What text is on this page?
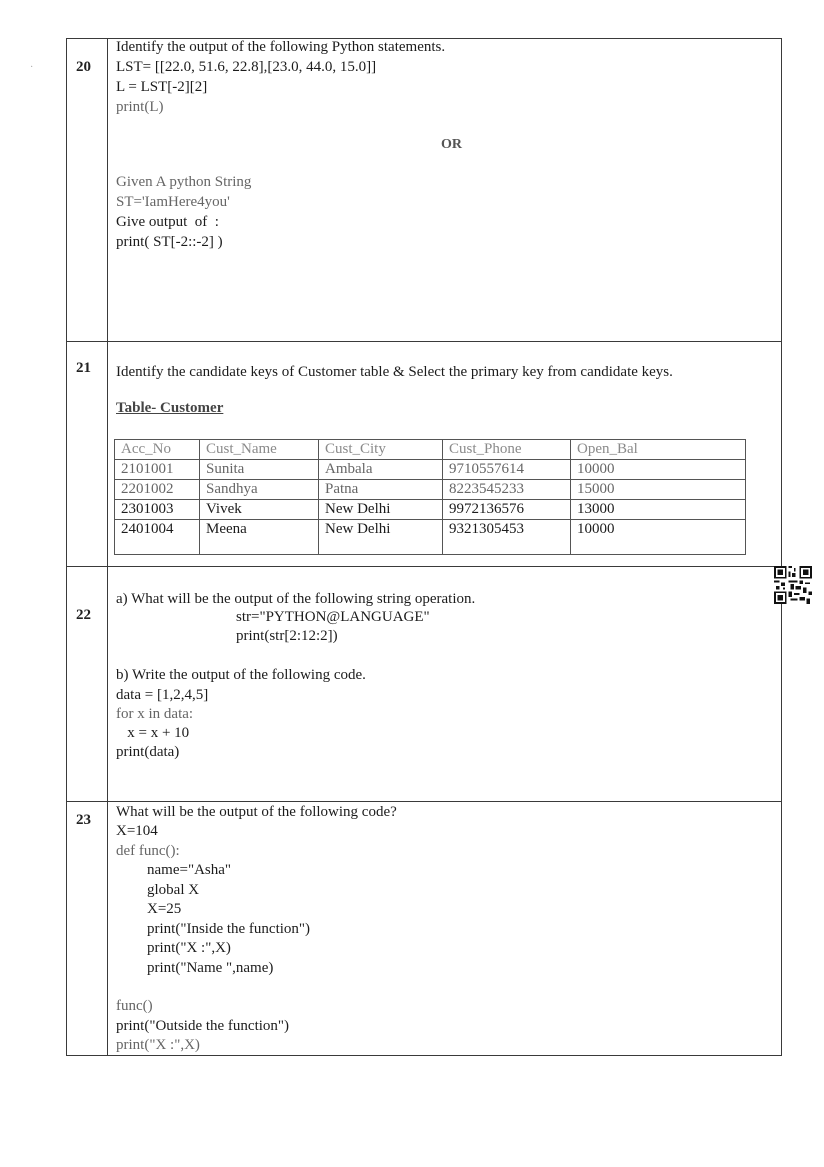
·	20
Identify the output of the following Python statements.
LST= [[22.0, 51.6, 22.8],[23.0, 44.0, 15.0]]
L = LST[-2][2]
print(L)
OR
Given A python String
ST='IamHere4you'
Give output  of  :
print( ST[-2::-2] )
21 Identify the candidate keys of Customer table & Select the primary key from candidate keys.
Table- Customer
Acc_No	Cust_Name	Cust_City	Cust_Phone	Open_Bal
2101001	Sunita	Ambala	9710557614	10000
2201002	Sandhya	Patna	8223545233	15000
2301003	Vivek	New Delhi	9972136576	13000
2401004	Meena	New Delhi	9321305453	10000
22
a) What will be the output of the following string operation.
str="PYTHON@LANGUAGE"
print(str[2:12:2])
b) Write the output of the following code.
data = [1,2,4,5]
for x in data:
x = x + 10
print(data)
23 What will be the output of the following code?
X=104
def func():
name="Asha"
global X
X=25
print("Inside the function")
print("X :",X)
print("Name ",name)
func()
print("Outside the function")
print("X :",X)
